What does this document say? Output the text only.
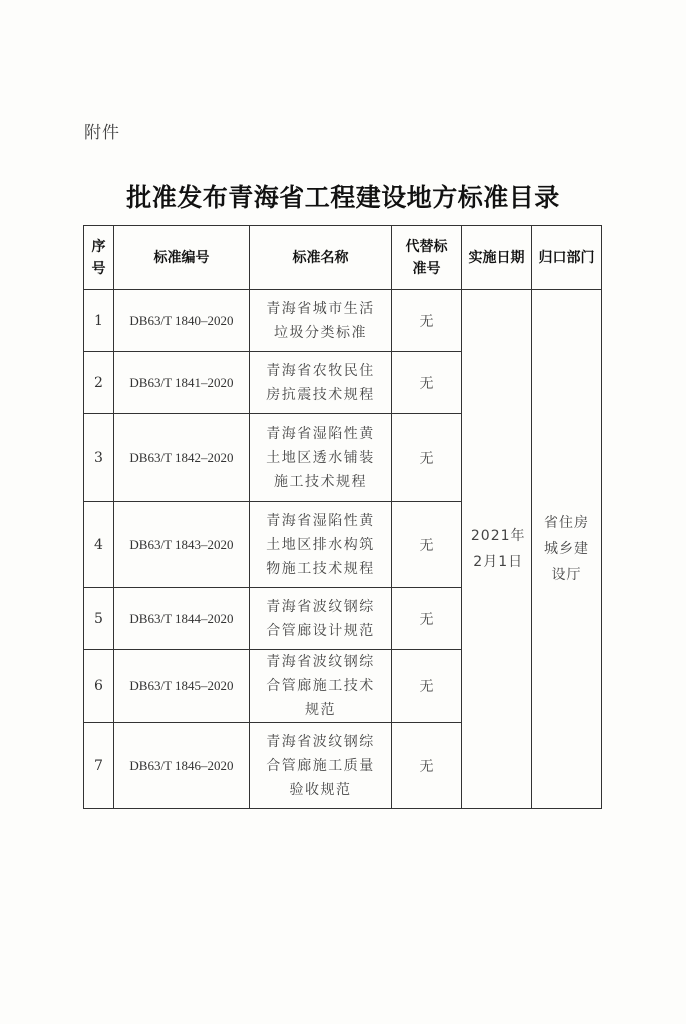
附件
批准发布青海省工程建设地方标准目录
序号	标准编号	标准名称	代替标准号	实施日期	归口部门
1	DB63/T 1840–2020	青海省城市生活垃圾分类标准	无	2021年2月1日	省住房城乡建设厅

2	DB63/T 1841–2020	青海省农牧民住房抗震技术规程	无		
3	DB63/T 1842–2020	青海省湿陷性黄土地区透水铺装施工技术规程	无		
4	DB63/T 1843–2020	青海省湿陷性黄土地区排水构筑物施工技术规程	无		
5	DB63/T 1844–2020	青海省波纹钢综合管廊设计规范	无		
6	DB63/T 1845–2020	青海省波纹钢综合管廊施工技术规范	无		
7	DB63/T 1846–2020	青海省波纹钢综合管廊施工质量验收规范	无		
